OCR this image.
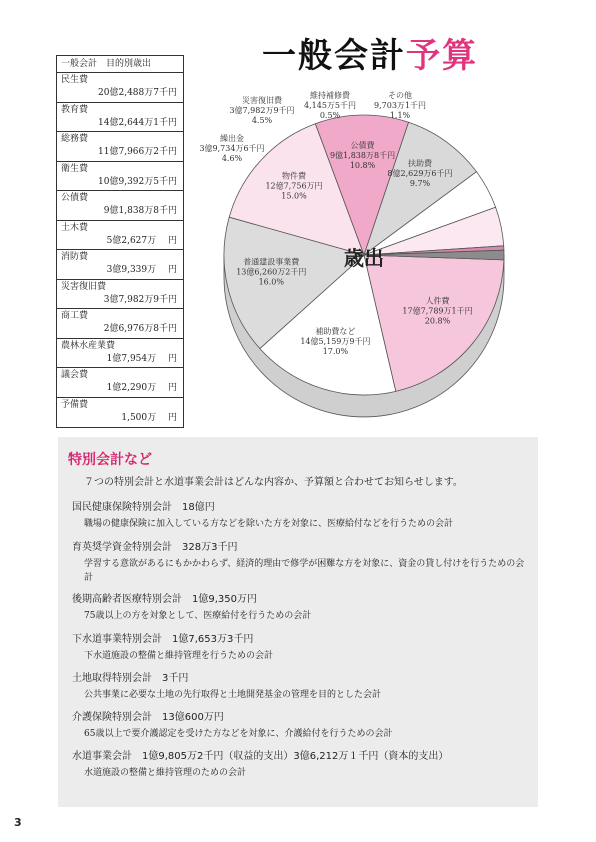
一般会計予算
一般会計　目的別歳出
民生費
20億2,488万7千円
教育費
14億2,644万1千円
総務費
11億7,966万2千円
衛生費
10億9,392万5千円
公債費
9億1,838万8千円
土木費
5億2,627万　 円
消防費
3億9,339万　 円
災害復旧費
3億7,982万9千円
商工費
2億6,976万8千円
農林水産業費
1億7,954万　 円
議会費
1億2,290万　 円
予備費
1,500万　 円
人件費
17億7,789万1千円
20.8%
補助費など
14億5,159万9千円
17.0%
普通建設事業費
13億6,260万2千円
16.0%
物件費
12億7,756万円
15.0%
公債費
9億1,838万8千円
10.8%	扶助費
8億2,629万6千円
9.7%
繰出金
3億9,734万6千円
4.6%
災害復旧費
3億7,982万9千円
4.5%
維持補修費
4,145万5千円
0.5%
その他
9,703万1千円
1.1%
歳出
特別会計など
７つの特別会計と水道事業会計はどんな内容か、予算額と合わせてお知らせします。
国民健康保険特別会計　18億円
職場の健康保険に加入している方などを除いた方を対象に、医療給付などを行うための会計
育英奨学資金特別会計　328万3千円
学習する意欲があるにもかかわらず、経済的理由で修学が困難な方を対象に、資金の貸し付けを行うための会計
後期高齢者医療特別会計　1億9,350万円
75歳以上の方を対象として、医療給付を行うための会計
下水道事業特別会計　1億7,653万3千円
下水道施設の整備と維持管理を行うための会計
土地取得特別会計　3千円
公共事業に必要な土地の先行取得と土地開発基金の管理を目的とした会計
介護保険特別会計　13億600万円
65歳以上で要介護認定を受けた方などを対象に、介護給付を行うための会計
水道事業会計　1億9,805万2千円（収益的支出）3億6,212万１千円（資本的支出）
水道施設の整備と維持管理のための会計
3
